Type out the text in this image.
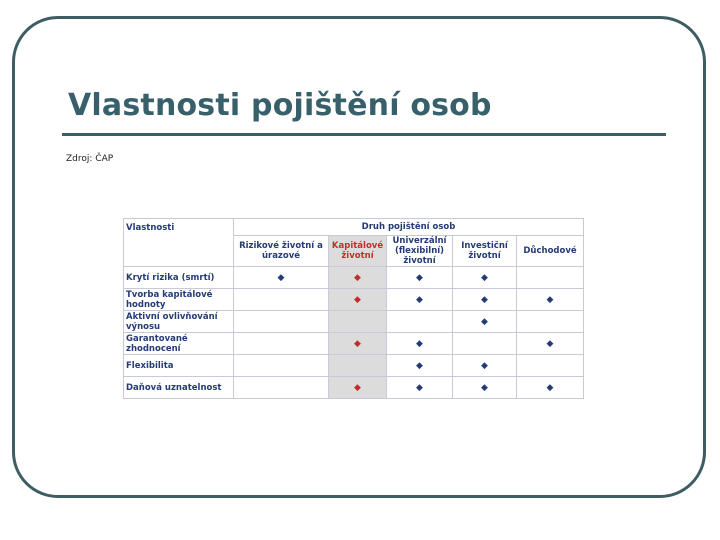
Vlastnosti pojištění osob
Zdroj: ČAP
Vlastnosti	Druh pojištění osob				
	Rizikové životní a úrazové	Kapitálové životní	Univerzální (flexibilní) životní	Investiční životní	Důchodové
Krytí rizika (smrtí)	◆	◆	◆	◆	
Tvorba kapitálové hodnoty		◆	◆	◆	◆
Aktivní ovlivňování výnosu				◆	
Garantované zhodnocení		◆	◆		◆
Flexibilita			◆	◆	
Daňová uznatelnost		◆	◆	◆	◆
